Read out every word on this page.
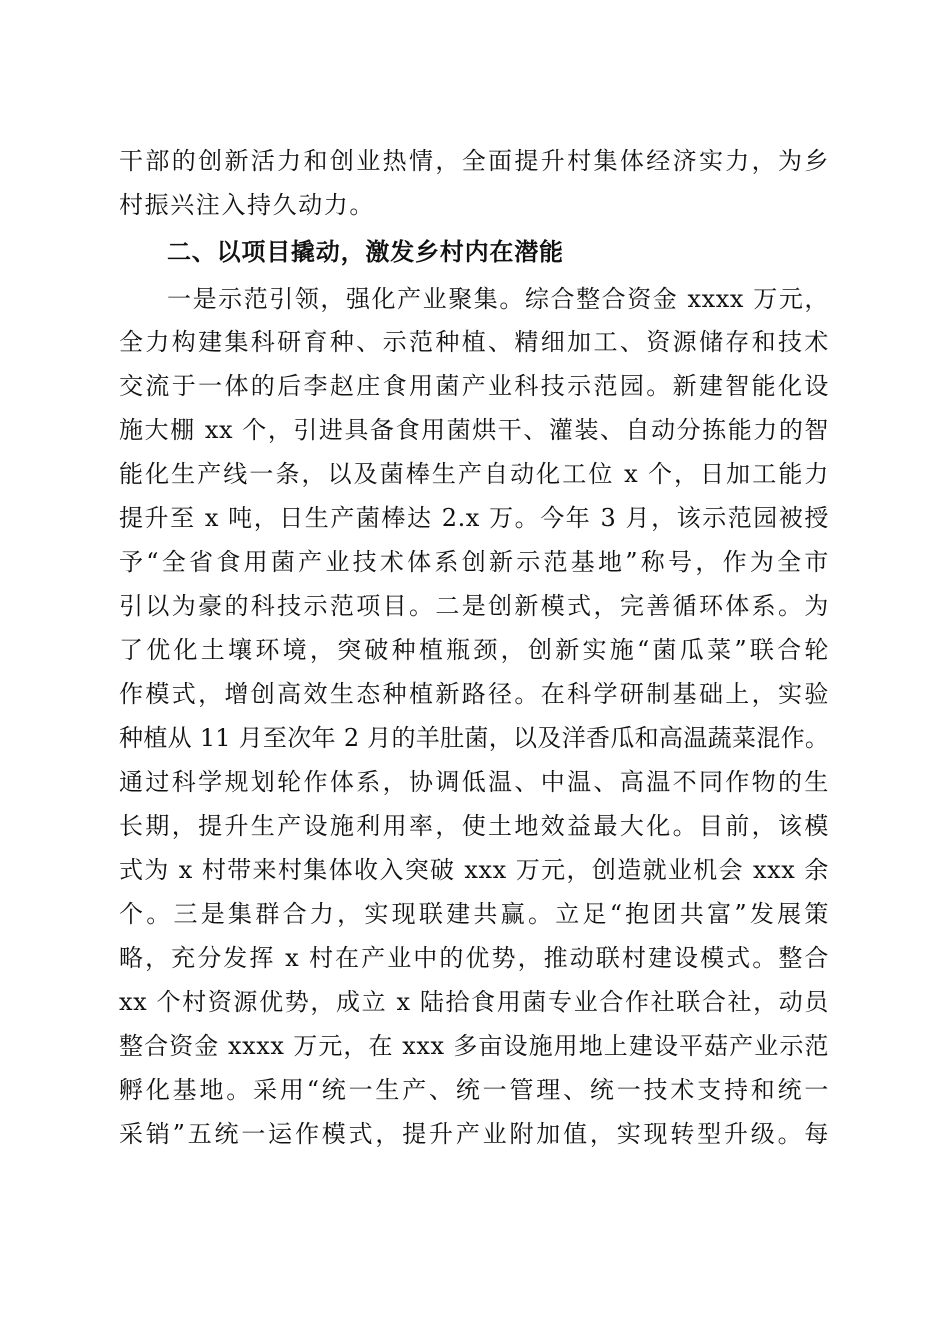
干部的创新活力和创业热情，全面提升村集体经济实力，为乡
村振兴注入持久动力。
二、以项目撬动，激发乡村内在潜能
一是示范引领，强化产业聚集。综合整合资金 xxxx 万元，
全力构建集科研育种、示范种植、精细加工、资源储存和技术
交流于一体的后李赵庄食用菌产业科技示范园。新建智能化设
施大棚 xx 个，引进具备食用菌烘干、灌装、自动分拣能力的智
能化生产线一条，以及菌棒生产自动化工位 x 个，日加工能力
提升至 x 吨，日生产菌棒达 2.x 万。今年 3 月，该示范园被授
予“全省食用菌产业技术体系创新示范基地”称号，作为全市
引以为豪的科技示范项目。二是创新模式，完善循环体系。为
了优化土壤环境，突破种植瓶颈，创新实施“菌瓜菜”联合轮
作模式，增创高效生态种植新路径。在科学研制基础上，实验
种植从 11 月至次年 2 月的羊肚菌，以及洋香瓜和高温蔬菜混作。
通过科学规划轮作体系，协调低温、中温、高温不同作物的生
长期，提升生产设施利用率，使土地效益最大化。目前，该模
式为 x 村带来村集体收入突破 xxx 万元，创造就业机会 xxx 余
个。三是集群合力，实现联建共赢。立足“抱团共富”发展策
略，充分发挥 x 村在产业中的优势，推动联村建设模式。整合
xx 个村资源优势，成立 x 陆拾食用菌专业合作社联合社，动员
整合资金 xxxx 万元，在 xxx 多亩设施用地上建设平菇产业示范
孵化基地。采用“统一生产、统一管理、统一技术支持和统一
采销”五统一运作模式，提升产业附加值，实现转型升级。每
